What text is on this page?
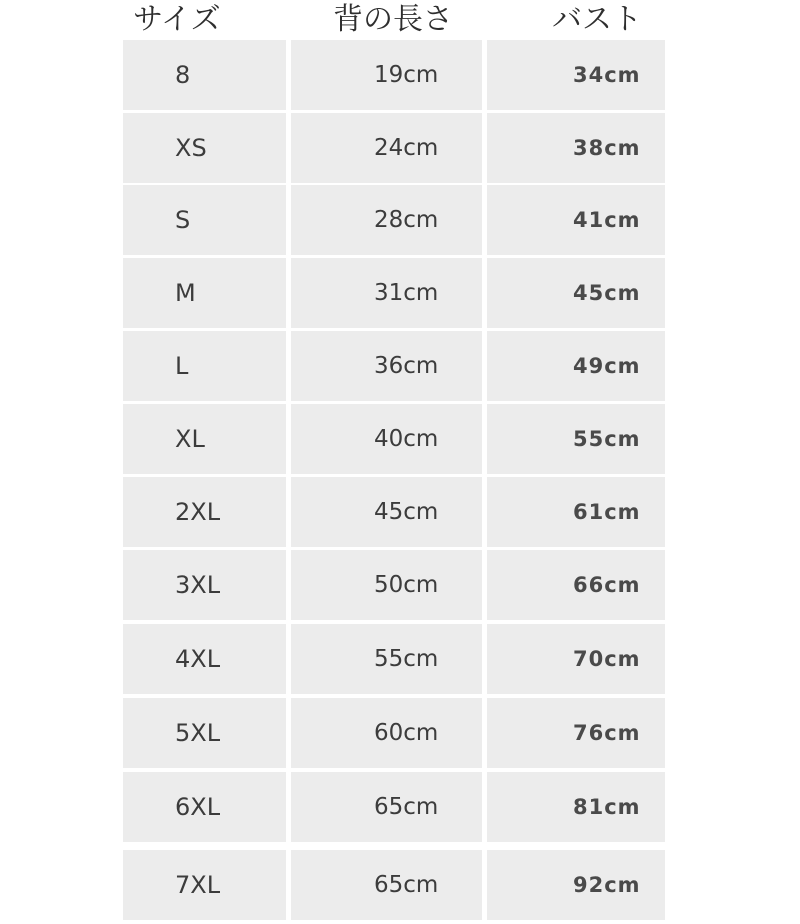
サイズ	背の長さ	バスト
8	19cm	34cm
XS	24cm	38cm
S	28cm	41cm
M	31cm	45cm
L	36cm	49cm
XL	40cm	55cm
2XL	45cm	61cm
3XL	50cm	66cm
4XL	55cm	70cm
5XL	60cm	76cm
6XL	65cm	81cm
7XL	65cm	92cm
